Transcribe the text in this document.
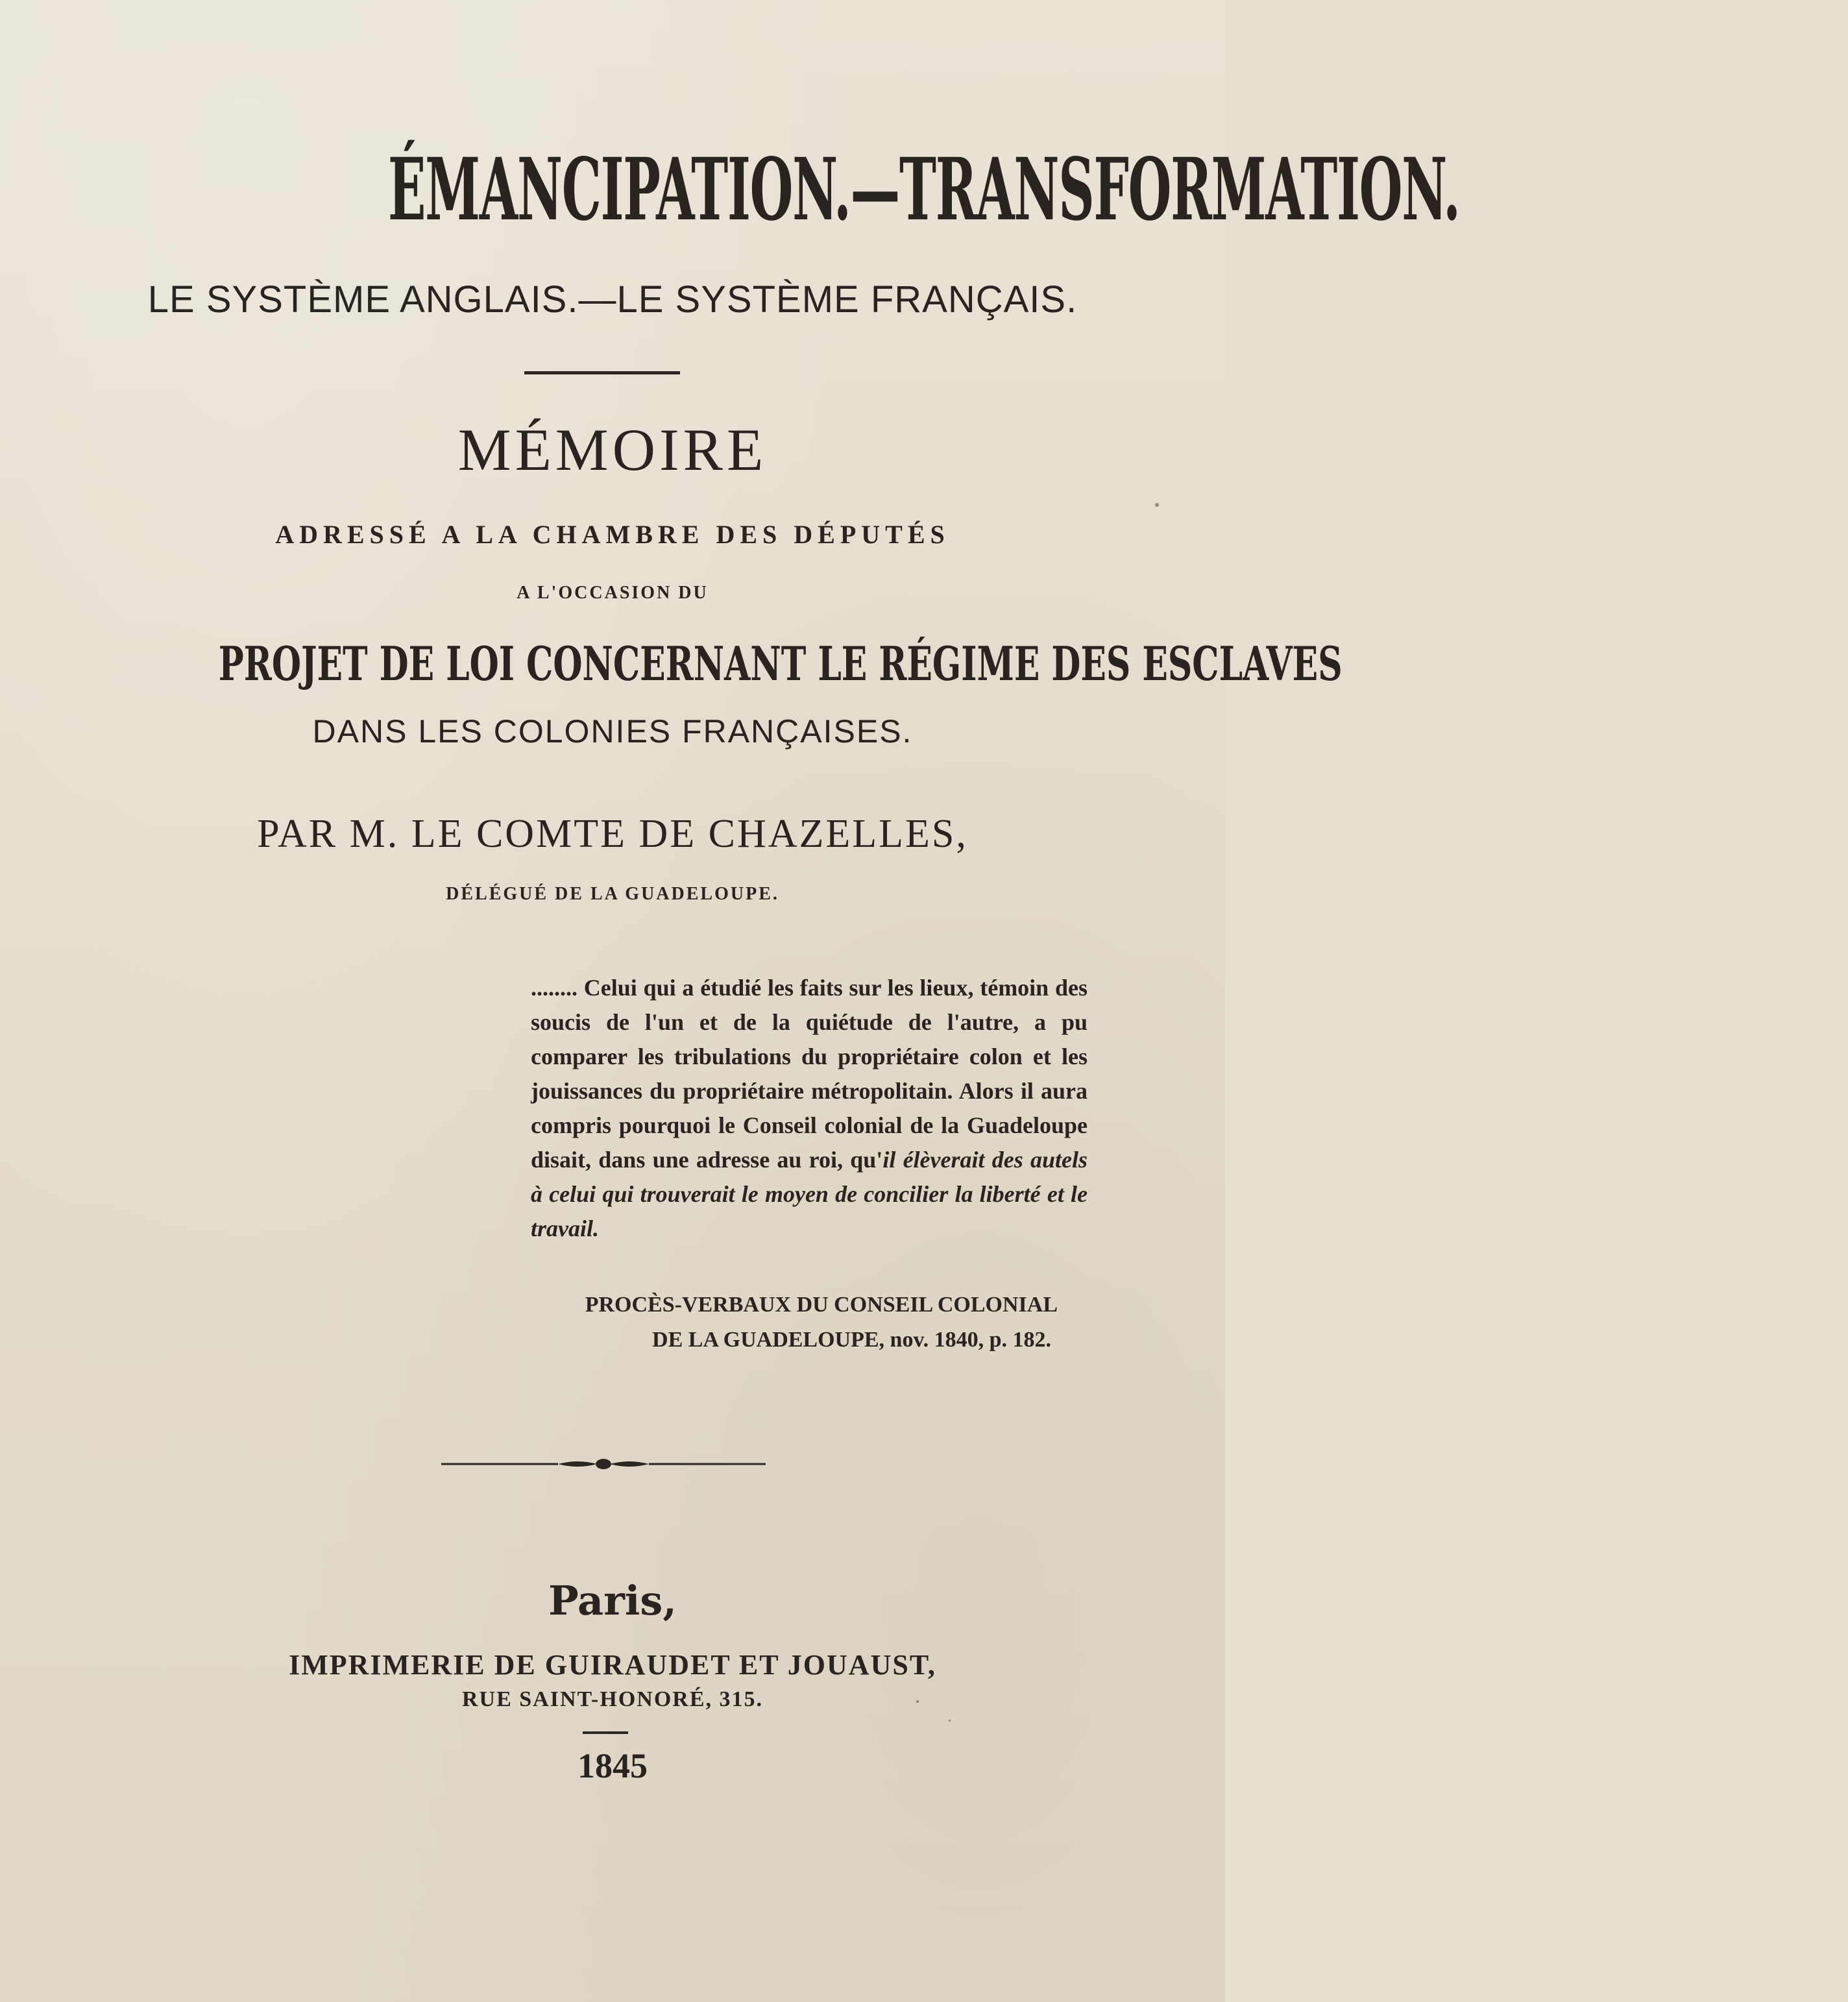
ÉMANCIPATION.—TRANSFORMATION.
LE SYSTÈME ANGLAIS.—LE SYSTÈME FRANÇAIS.
MÉMOIRE
ADRESSÉ A LA CHAMBRE DES DÉPUTÉS
A L'OCCASION DU
PROJET DE LOI CONCERNANT LE RÉGIME DES ESCLAVES
DANS LES COLONIES FRANÇAISES.
PAR M. LE COMTE DE CHAZELLES,
DÉLÉGUÉ DE LA GUADELOUPE.

........ Celui qui a étudié les faits sur les lieux, témoin des soucis de l'un et de la quiétude de l'autre, a pu comparer les tribulations du propriétaire colon et les jouissances du propriétaire métropolitain. Alors il aura compris pourquoi le Conseil colonial de la Guadeloupe disait, dans une adresse au roi, qu'il élèverait des autels à celui qui trouverait le moyen de concilier la liberté et le travail.

PROCÈS-VERBAUX DU CONSEIL COLONIAL
DE LA GUADELOUPE, nov. 1840, p. 182.
Paris,
IMPRIMERIE DE GUIRAUDET ET JOUAUST,
RUE SAINT-HONORÉ, 315.
1845
